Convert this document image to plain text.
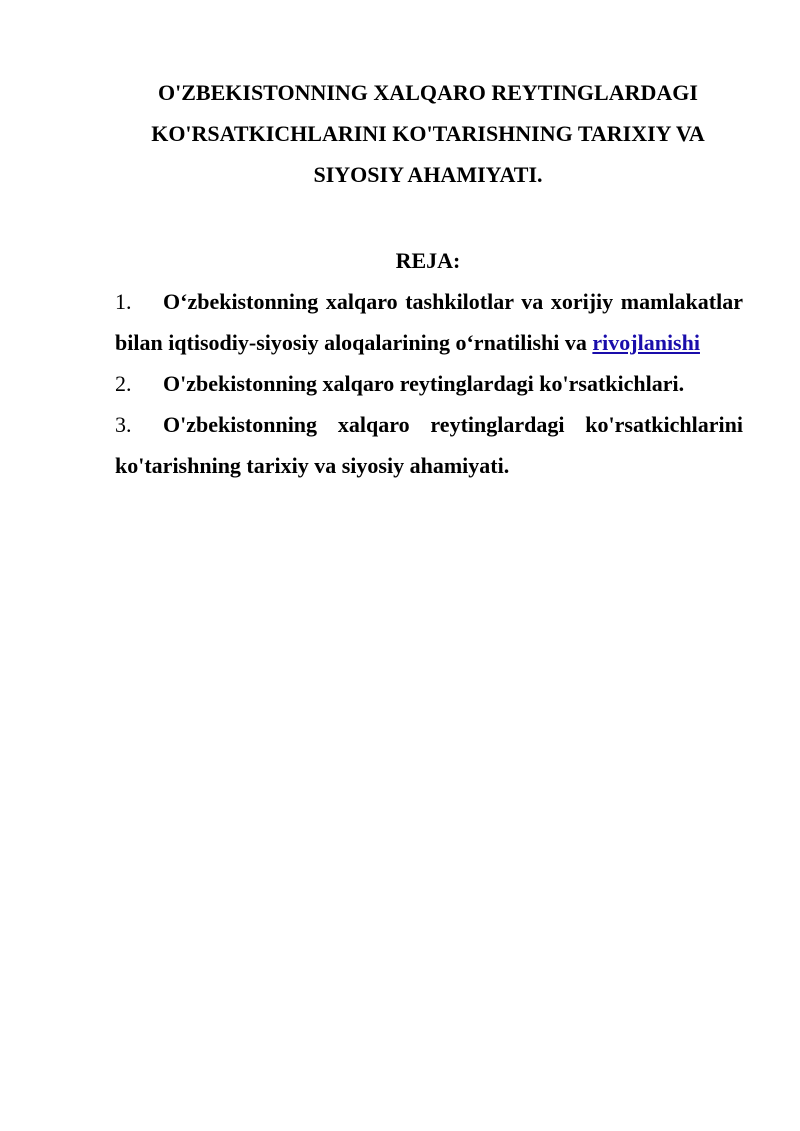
O'ZBEKISTONNING XALQARO REYTINGLARDAGI KO'RSATKICHLARINI KO'TARISHNING TARIXIY VA SIYOSIY AHAMIYATI.
REJA:
1. O‘zbekistonning xalqaro tashkilotlar va xorijiy mamlakatlar bilan iqtisodiy-siyosiy aloqalarining o‘rnatilishi va rivojlanishi
2. O'zbekistonning xalqaro reytinglardagi ko'rsatkichlari.
3. O'zbekistonning xalqaro reytinglardagi ko'rsatkichlarini ko'tarishning tarixiy va siyosiy ahamiyati.
